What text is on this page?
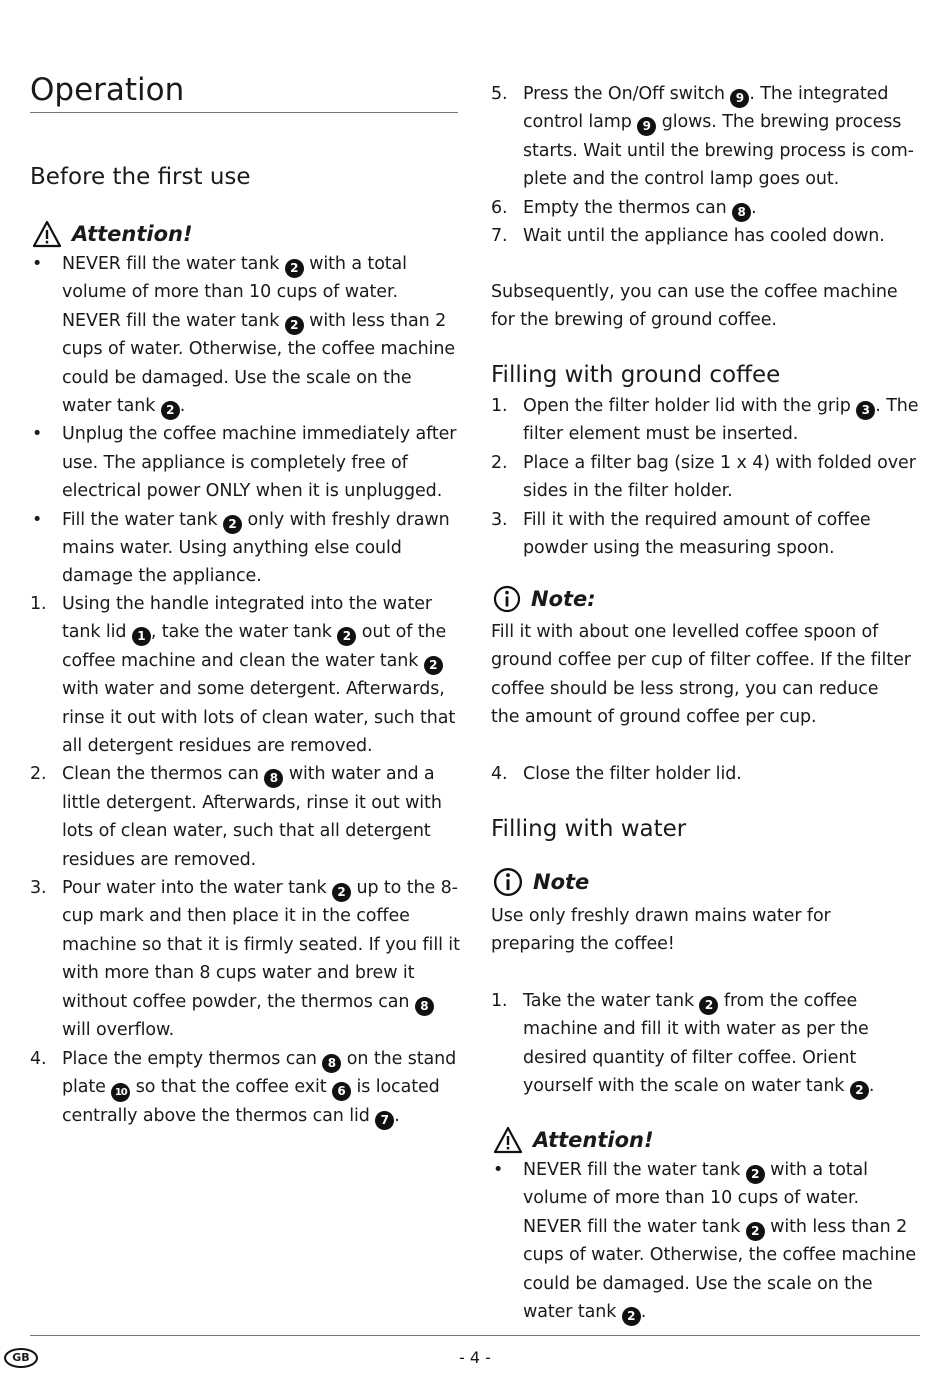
Operation
Before the first use
Attention!
• NEVER fill the water tank 2 with a total volume of more than 10 cups of water. NEVER fill the water tank 2 with less than 2 cups of water. Otherwise, the coffee machine could be damaged. Use the scale on the water tank 2 .
• Unplug the coffee machine immediately after use. The appliance is completely free of electrical power ONLY when it is unplugged.
• Fill the water tank 2 only with freshly drawn mains water. Using anything else could damage the appliance.
1. Using the handle integrated into the water tank lid 1 , take the water tank 2 out of the coffee machine and clean the water tank 2 with water and some detergent. Afterwards, rinse it out with lots of clean water, such that all detergent residues are removed.
2. Clean the thermos can 8 with water and a little detergent. Afterwards, rinse it out with lots of clean water, such that all detergent residues are removed.
3. Pour water into the water tank 2 up to the 8-cup mark and then place it in the coffee machine so that it is firmly seated. If you fill it with more than 8 cups water and brew it without coffee powder, the thermos can 8 will overflow.
4. Place the empty thermos can 8 on the stand plate 10 so that the coffee exit 6 is located centrally above the thermos can lid 7 .
5. Press the On/Off switch 9 . The integrated control lamp 9 glows. The brewing process starts. Wait until the brewing process is complete and the control lamp goes out.
6. Empty the thermos can 8 .
7. Wait until the appliance has cooled down.
Subsequently, you can use the coffee machine for the brewing of ground coffee.
Filling with ground coffee
1. Open the filter holder lid with the grip 3 . The filter element must be inserted.
2. Place a filter bag (size 1 x 4) with folded over sides in the filter holder.
3. Fill it with the required amount of coffee powder using the measuring spoon.
Note:
Fill it with about one levelled coffee spoon of ground coffee per cup of filter coffee. If the filter coffee should be less strong, you can reduce the amount of ground coffee per cup.
4. Close the filter holder lid.
Filling with water
Note
Use only freshly drawn mains water for preparing the coffee!
1. Take the water tank 2 from the coffee machine and fill it with water as per the desired quantity of filter coffee. Orient yourself with the scale on water tank 2 .
Attention!
• NEVER fill the water tank 2 with a total volume of more than 10 cups of water. NEVER fill the water tank 2 with less than 2 cups of water. Otherwise, the coffee machine could be damaged. Use the scale on the water tank 2 .
GB	- 4 -
